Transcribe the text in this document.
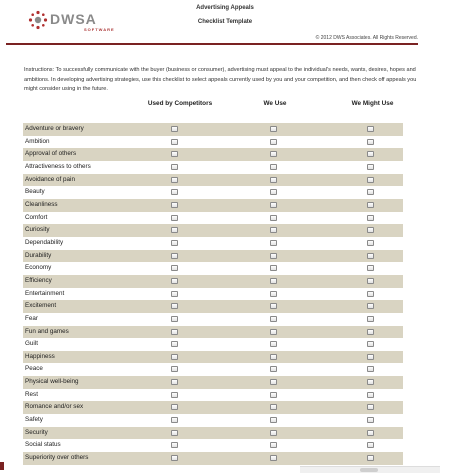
DWSA
SOFTWARE
Advertising Appeals
Checklist Template
© 2012 DWS Associates. All Rights Reserved.
Instructions: To successfully communicate with the buyer (business or consumer), advertising must appeal to the individual's needs, wants, desires, hopes and ambitions. In developing advertising strategies, use this checklist to select appeals currently used by you and your competition, and then check off appeals you might consider using in the future.
Used by Competitors	We Use	We Might Use
Adventure or bravery
Ambition
Approval of others
Attractiveness to others
Avoidance of pain
Beauty
Cleanliness
Comfort
Curiosity
Dependability
Durability
Economy
Efficiency
Entertainment
Excitement
Fear
Fun and games
Guilt
Happiness
Peace
Physical well-being
Rest
Romance and/or sex
Safety
Security
Social status
Superiority over others
